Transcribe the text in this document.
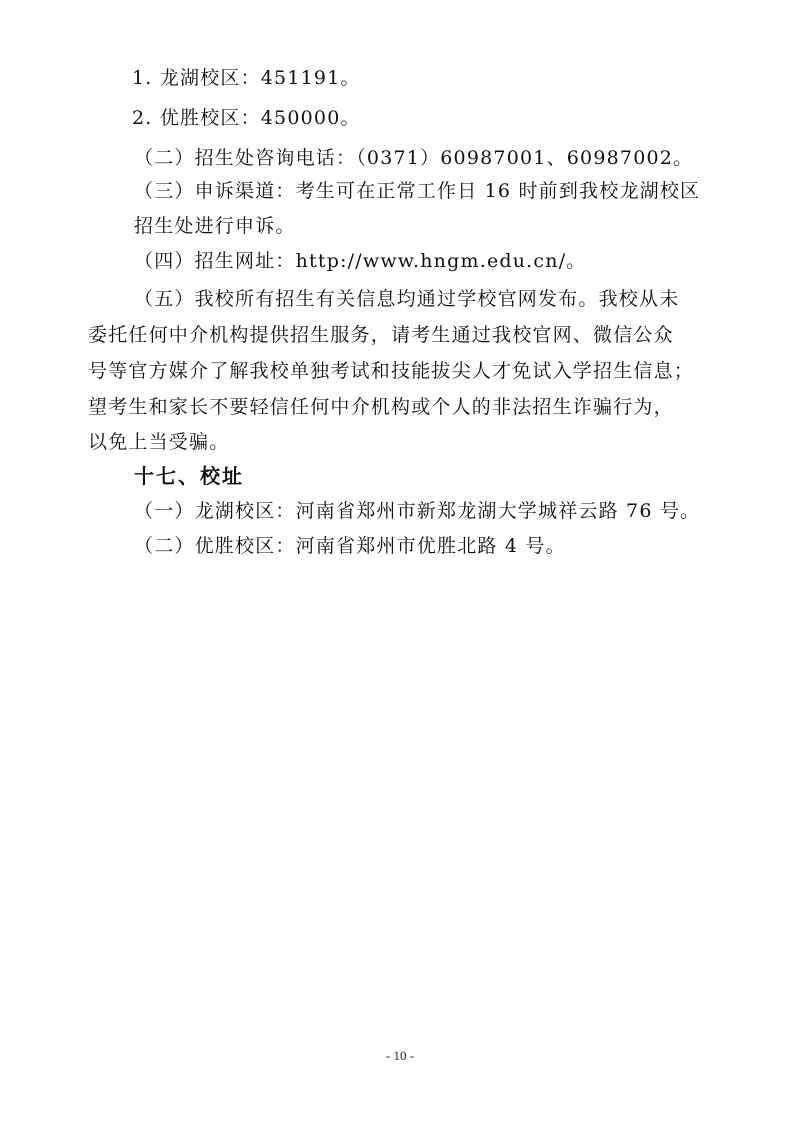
1. 龙湖校区：451191。
2. 优胜校区：450000。
（二）招生处咨询电话：（0371）60987001、60987002。
（三）申诉渠道：考生可在正常工作日 16 时前到我校龙湖校区
招生处进行申诉。
（四）招生网址：http://www.hngm.edu.cn/。
（五）我校所有招生有关信息均通过学校官网发布。我校从未
委托任何中介机构提供招生服务，请考生通过我校官网、微信公众
号等官方媒介了解我校单独考试和技能拔尖人才免试入学招生信息；
望考生和家长不要轻信任何中介机构或个人的非法招生诈骗行为，
以免上当受骗。
十七、校址
（一）龙湖校区：河南省郑州市新郑龙湖大学城祥云路 76 号。
（二）优胜校区：河南省郑州市优胜北路 4 号。
- 10 -
